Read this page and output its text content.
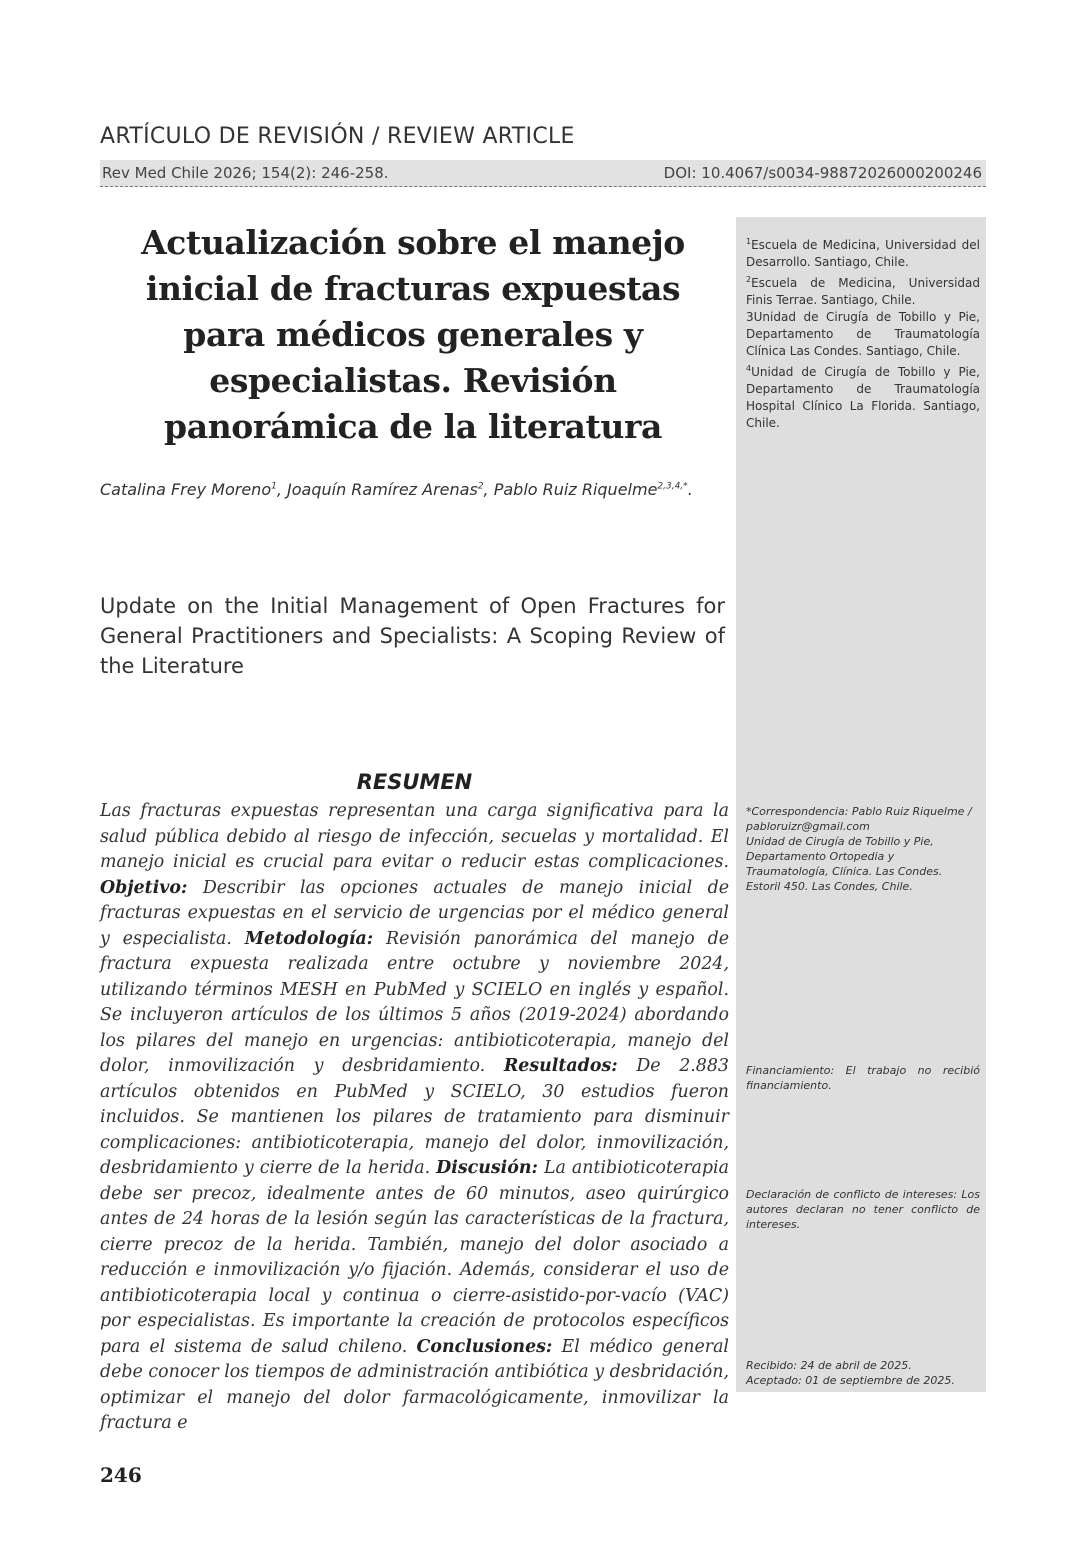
ARTÍCULO DE REVISIÓN / REVIEW ARTICLE
Rev Med Chile 2026; 154(2): 246-258.	DOI: 10.4067/s0034-98872026000200246
Actualización sobre el manejo inicial de fracturas expuestas para médicos generales y especialistas. Revisión panorámica de la literatura
$^1$Escuela de Medicina, Universidad del Desarrollo. Santiago, Chile.
$^2$Escuela de Medicina, Universidad Finis Terrae. Santiago, Chile.
3Unidad de Cirugía de Tobillo y Pie, Departamento de Traumatología Clínica Las Condes. Santiago, Chile.
$^4$Unidad de Cirugía de Tobillo y Pie, Departamento de Traumatología Hospital Clínico La Florida. Santiago, Chile.
*Correspondencia: Pablo Ruiz Riquelme / pabloruizr@gmail.com
Unidad de Cirugía de Tobillo y Pie, Departamento Ortopedia y Traumatología, Clínica. Las Condes.
Estoril 450. Las Condes, Chile.
Financiamiento: El trabajo no recibió financiamiento.
Declaración de conflicto de intereses: Los autores declaran no tener conflicto de intereses.
Recibido: 24 de abril de 2025.
Aceptado: 01 de septiembre de 2025.
Catalina Frey Moreno$^1$, Joaquín Ramírez Arenas$^2$, Pablo Ruiz Riquelme$^{2,3,4,*}$.
Update on the Initial Management of Open Fractures for General Practitioners and Specialists: A Scoping Review of the Literature
RESUMEN
Las fracturas expuestas representan una carga significativa para la salud pública debido al riesgo de infección, secuelas y mortalidad. El manejo inicial es crucial para evitar o reducir estas complicaciones. Objetivo: Describir las opciones actuales de manejo inicial de fracturas expuestas en el servicio de urgencias por el médico general y especialista. Metodología: Revisión panorámica del manejo de fractura expuesta realizada entre octubre y noviembre 2024, utilizando términos MESH en PubMed y SCIELO en inglés y español. Se incluyeron artículos de los últimos 5 años (2019-2024) abordando los pilares del manejo en urgencias: antibioticoterapia, manejo del dolor, inmovilización y desbridamiento. Resultados: De 2.883 artículos obtenidos en PubMed y SCIELO, 30 estudios fueron incluidos. Se mantienen los pilares de tratamiento para disminuir complicaciones: antibioticoterapia, manejo del dolor, inmovilización, desbridamiento y cierre de la herida. Discusión: La antibioticoterapia debe ser precoz, idealmente antes de 60 minutos, aseo quirúrgico antes de 24 horas de la lesión según las características de la fractura, cierre precoz de la herida. También, manejo del dolor asociado a reducción e inmovilización y/o fijación. Además, considerar el uso de antibioticoterapia local y continua o cierre-asistido-por-vacío (VAC) por especialistas. Es importante la creación de protocolos específicos para el sistema de salud chileno. Conclusiones: El médico general debe conocer los tiempos de administración antibiótica y desbridación, optimizar el manejo del dolor farmacológicamente, inmovilizar la fractura e
246
